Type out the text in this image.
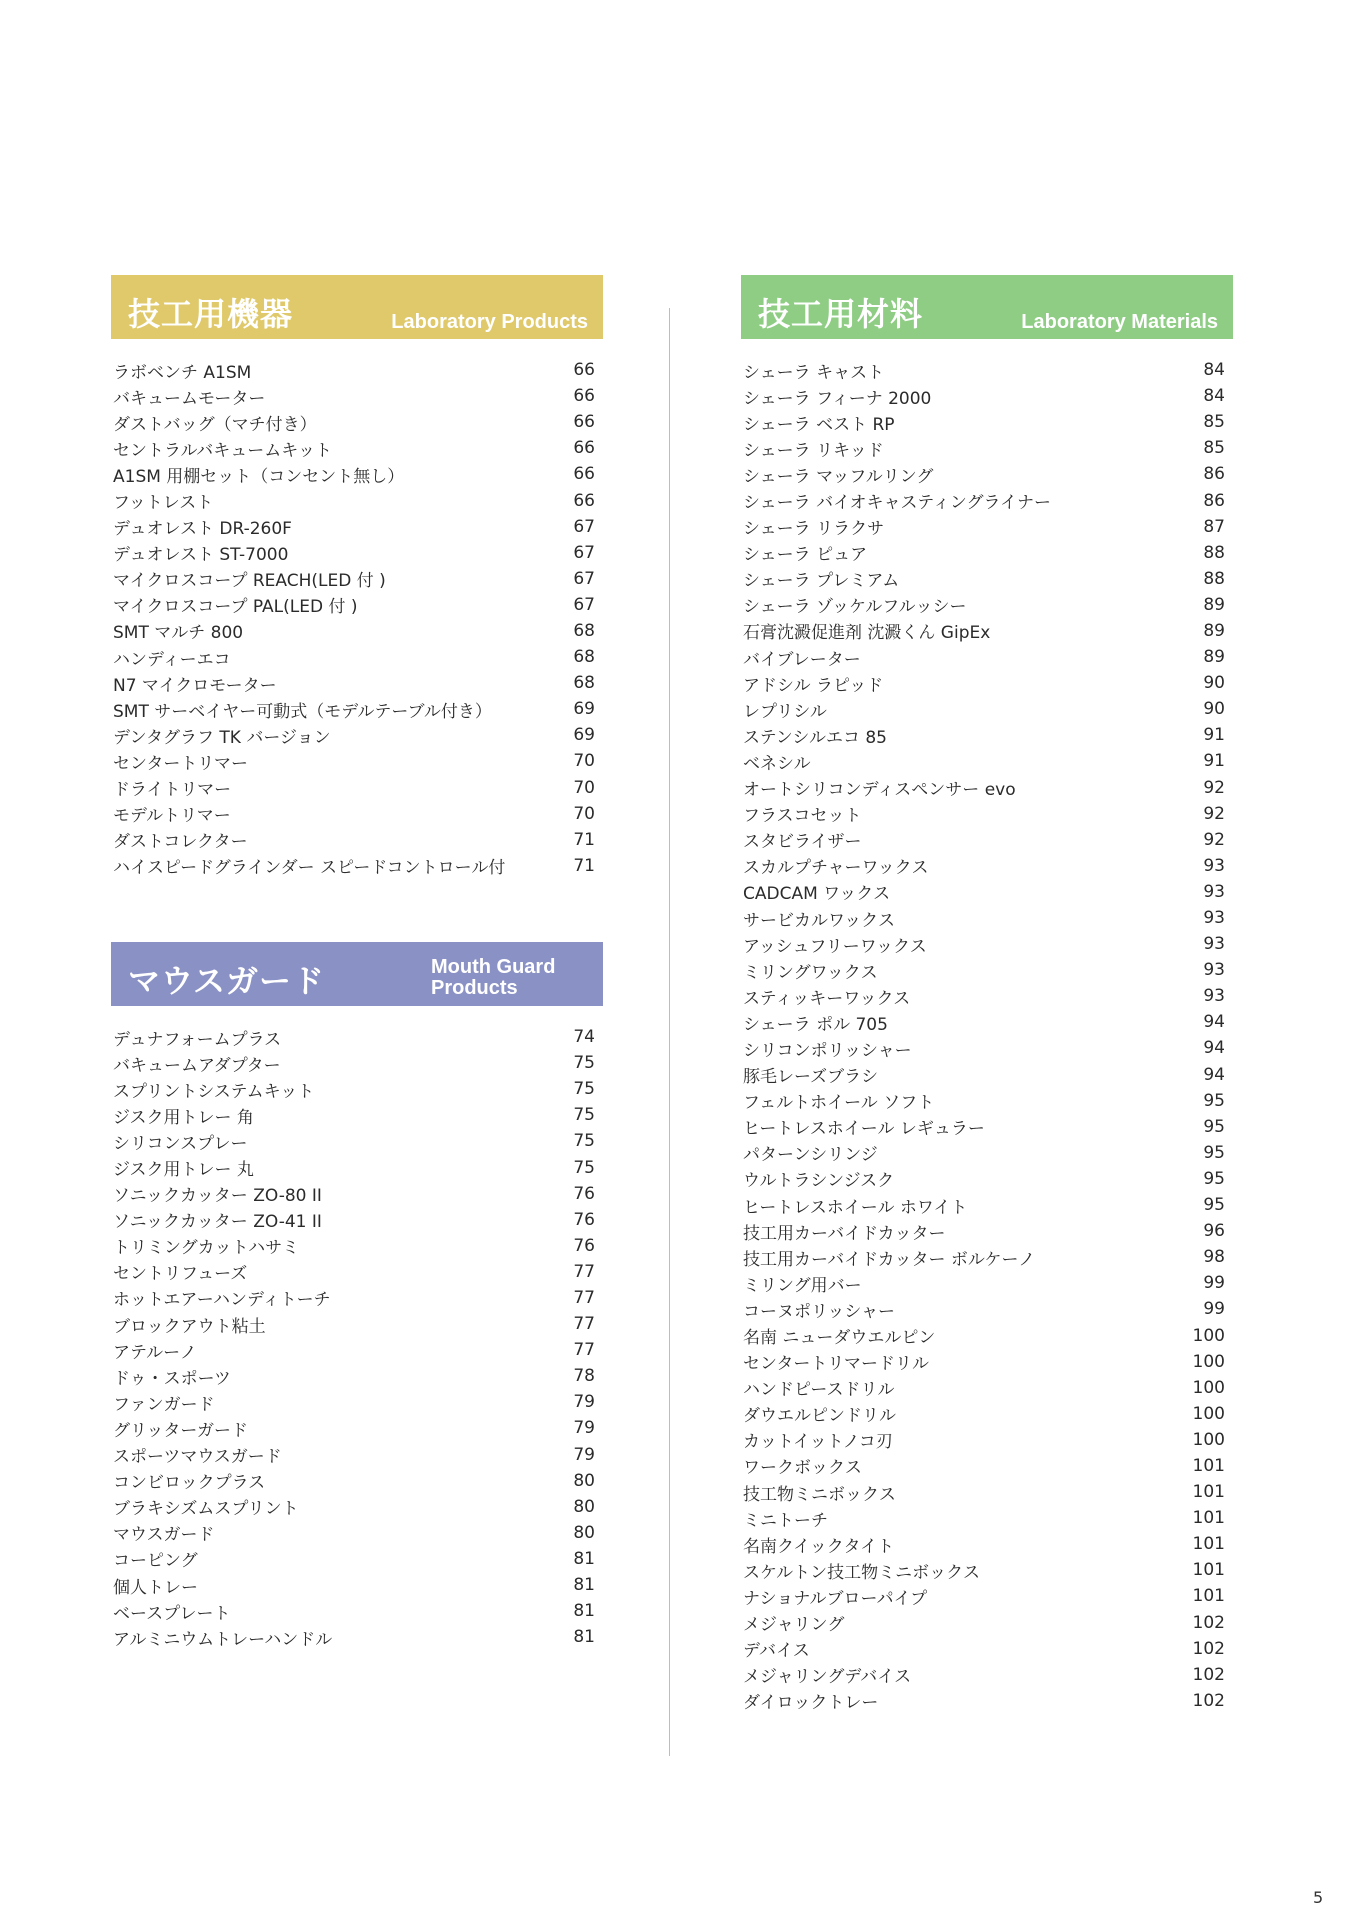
技工用機器	Laboratory Products
ラボベンチ A1SM	66
バキュームモーター	66
ダストバッグ（マチ付き）	66
セントラルバキュームキット	66
A1SM 用棚セット（コンセント無し）	66
フットレスト	66
デュオレスト DR-260F	67
デュオレスト ST-7000	67
マイクロスコープ REACH(LED 付 )	67
マイクロスコープ PAL(LED 付 )	67
SMT マルチ 800	68
ハンディーエコ	68
N7 マイクロモーター	68
SMT サーベイヤー可動式（モデルテーブル付き）	69
デンタグラフ TK バージョン	69
センタートリマー	70
ドライトリマー	70
モデルトリマー	70
ダストコレクター	71
ハイスピードグラインダー スピードコントロール付	71
マウスガード	Mouth Guard
Products
デュナフォームプラス	74
バキュームアダプター	75
スプリントシステムキット	75
ジスク用トレー 角	75
シリコンスプレー	75
ジスク用トレー 丸	75
ソニックカッター ZO-80 II	76
ソニックカッター ZO-41 II	76
トリミングカットハサミ	76
セントリフューズ	77
ホットエアーハンディトーチ	77
ブロックアウト粘土	77
アテルーノ	77
ドゥ・スポーツ	78
ファンガード	79
グリッターガード	79
スポーツマウスガード	79
コンビロックプラス	80
ブラキシズムスプリント	80
マウスガード	80
コーピング	81
個人トレー	81
ベースプレート	81
アルミニウムトレーハンドル	81
技工用材料	Laboratory Materials
シェーラ キャスト	84
シェーラ フィーナ 2000	84
シェーラ ベスト RP	85
シェーラ リキッド	85
シェーラ マッフルリング	86
シェーラ バイオキャスティングライナー	86
シェーラ リラクサ	87
シェーラ ピュア	88
シェーラ プレミアム	88
シェーラ ゾッケルフルッシー	89
石膏沈澱促進剤 沈澱くん GipEx	89
バイブレーター	89
アドシル ラピッド	90
レプリシル	90
ステンシルエコ 85	91
ベネシル	91
オートシリコンディスペンサー evo	92
フラスコセット	92
スタビライザー	92
スカルプチャーワックス	93
CADCAM ワックス	93
サービカルワックス	93
アッシュフリーワックス	93
ミリングワックス	93
スティッキーワックス	93
シェーラ ポル 705	94
シリコンポリッシャー	94
豚毛レーズブラシ	94
フェルトホイール ソフト	95
ヒートレスホイール レギュラー	95
パターンシリンジ	95
ウルトラシンジスク	95
ヒートレスホイール ホワイト	95
技工用カーバイドカッター	96
技工用カーバイドカッター ボルケーノ	98
ミリング用バー	99
コーヌポリッシャー	99
名南 ニューダウエルピン	100
センタートリマードリル	100
ハンドピースドリル	100
ダウエルピンドリル	100
カットイットノコ刃	100
ワークボックス	101
技工物ミニボックス	101
ミニトーチ	101
名南クイックタイト	101
スケルトン技工物ミニボックス	101
ナショナルブローパイプ	101
メジャリング	102
デバイス	102
メジャリングデバイス	102
ダイロックトレー	102
5
